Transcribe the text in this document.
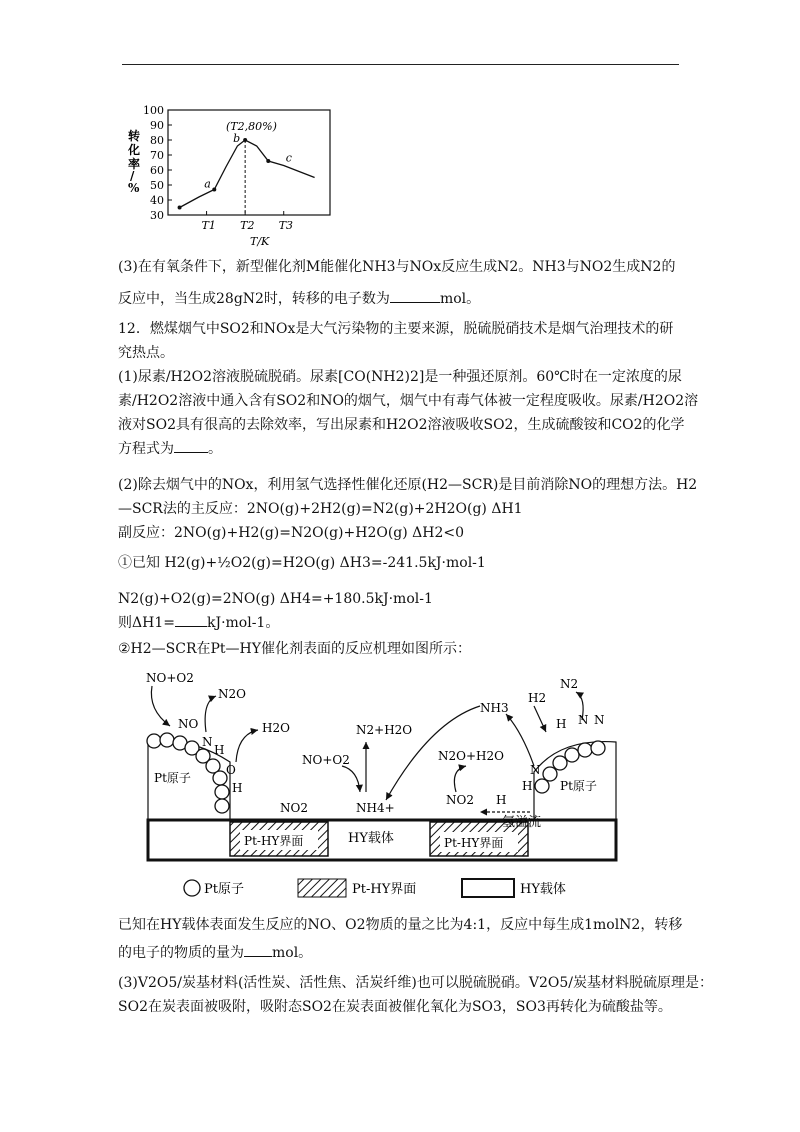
转
化
率
/
%
100
90
80
70
60
50
40
30
T1 T2 T3
a
b
c
T/K
(T2,80%)
(3)在有氧条件下，新型催化剂M能催化NH3与NOx反应生成N2。NH3与NO2生成N2的
反应中，当生成28gN2时，转移的电子数为	mol。
12．燃煤烟气中SO2和NOx是大气污染物的主要来源，脱硫脱硝技术是烟气治理技术的研
究热点。
(1)尿素/H2O2溶液脱硫脱硝。尿素[CO(NH2)2]是一种强还原剂。60℃时在一定浓度的尿
素/H2O2溶液中通入含有SO2和NO的烟气，烟气中有毒气体被一定程度吸收。尿素/H2O2溶
液对SO2具有很高的去除效率，写出尿素和H2O2溶液吸收SO2，生成硫酸铵和CO2的化学
方程式为 。
(2)除去烟气中的NOx，利用氢气选择性催化还原(H2—SCR)是目前消除NO的理想方法。H2
—SCR法的主反应：2NO(g)+2H2(g)=N2(g)+2H2O(g) ΔH1
副反应：2NO(g)+H2(g)=N2O(g)+H2O(g) ΔH2<0
①已知 H2(g)+½O2(g)=H2O(g) ΔH3=-241.5kJ·mol-1
N2(g)+O2(g)=2NO(g) ΔH4=+180.5kJ·mol-1
则ΔH1= kJ·mol-1。
②H2—SCR在Pt—HY催化剂表面的反应机理如图所示：
Pt-HY界面	Pt-HY界面
HY载体
Pt原子
NO+O2
N2O
NO
N
H
O
H
H2O
NO2
NO+O2
N2+H2O
NH4+
NH3
N2O+H2O
NO2 H
氢溢流
Pt原子
H2
N2
H N N
N
H
Pt原子	Pt-HY界面	HY载体
已知在HY载体表面发生反应的NO、O2物质的量之比为4:1，反应中每生成1molN2，转移
的电子的物质的量为 mol。
(3)V2O5/炭基材料(活性炭、活性焦、活炭纤维)也可以脱硫脱硝。V2O5/炭基材料脱硫原理是：
SO2在炭表面被吸附，吸附态SO2在炭表面被催化氧化为SO3，SO3再转化为硫酸盐等。
